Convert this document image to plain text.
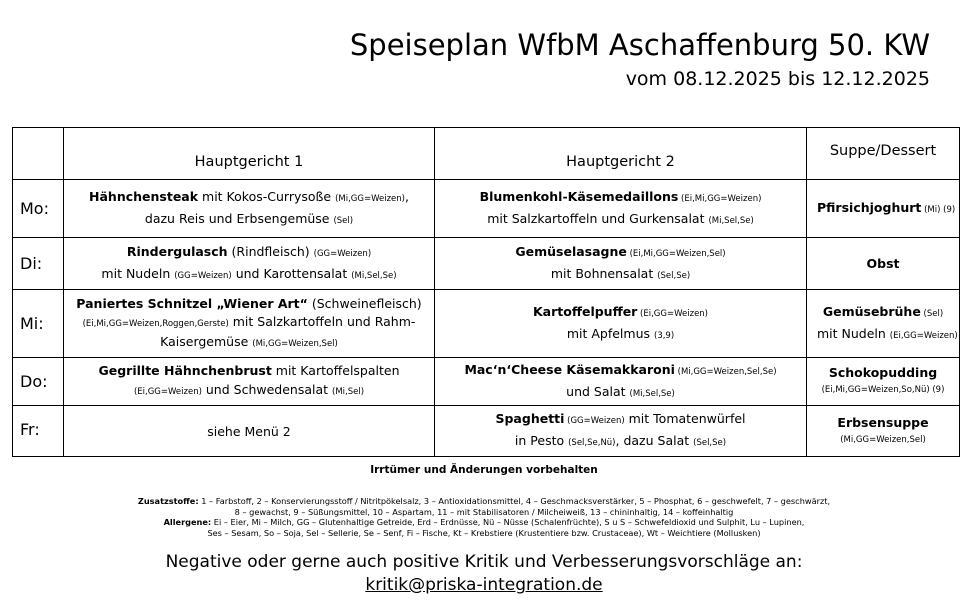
Speiseplan WfbM Aschaffenburg 50. KW
vom 08.12.2025 bis 12.12.2025
	Hauptgericht 1	Hauptgericht 2	Suppe/Dessert
Mo:	Hähnchensteak mit Kokos-Currysoße (Mi,GG=Weizen),
dazu Reis und Erbsengemüse (Sel)	Blumenkohl-Käsemedaillons (Ei,Mi,GG=Weizen)
mit Salzkartoffeln und Gurkensalat (Mi,Sel,Se)	Pfirsichjoghurt (Mi) (9)

Di:	Rindergulasch (Rindfleisch) (GG=Weizen)
mit Nudeln (GG=Weizen) und Karottensalat (Mi,Sel,Se)	Gemüselasagne (Ei,Mi,GG=Weizen,Sel)
mit Bohnensalat (Sel,Se)	Obst

Mi:	Paniertes Schnitzel „Wiener Art“ (Schweinefleisch)
(Ei,Mi,GG=Weizen,Roggen,Gerste) mit Salzkartoffeln und Rahm-
Kaisergemüse (Mi,GG=Weizen,Sel)	Kartoffelpuffer (Ei,GG=Weizen)
mit Apfelmus (3,9)	Gemüsebrühe (Sel)
mit Nudeln (Ei,GG=Weizen)

Do:	Gegrillte Hähnchenbrust mit Kartoffelspalten
(Ei,GG=Weizen) und Schwedensalat (Mi,Sel)	Mac‘n‘Cheese Käsemakkaroni (Mi,GG=Weizen,Sel,Se)
und Salat (Mi,Sel,Se)	Schokopudding
(Ei,Mi,GG=Weizen,So,Nü) (9)

Fr:	siehe Menü 2	Spaghetti (GG=Weizen) mit Tomatenwürfel
in Pesto (Sel,Se,Nü), dazu Salat (Sel,Se)	Erbsensuppe
(Mi,GG=Weizen,Sel)
Irrtümer und Änderungen vorbehalten
Zusatzstoffe: 1 – Farbstoff, 2 – Konservierungsstoff / Nitritpökelsalz, 3 – Antioxidationsmittel, 4 – Geschmacksverstärker, 5 – Phosphat, 6 – geschwefelt, 7 – geschwärzt,
8 – gewachst, 9 – Süßungsmittel, 10 – Aspartam, 11 – mit Stabilisatoren / Milcheiweiß, 13 – chininhaltig, 14 – koffeinhaltig
Allergene: Ei – Eier, Mi – Milch, GG – Glutenhaltige Getreide, Erd – Erdnüsse, Nü – Nüsse (Schalenfrüchte), S u S – Schwefeldioxid und Sulphit, Lu – Lupinen,
Ses – Sesam, So – Soja, Sel – Sellerie, Se – Senf, Fi – Fische, Kt – Krebstiere (Krustentiere bzw. Crustaceae), Wt – Weichtiere (Mollusken)
Negative oder gerne auch positive Kritik und Verbesserungsvorschläge an:
kritik@priska-integration.de
